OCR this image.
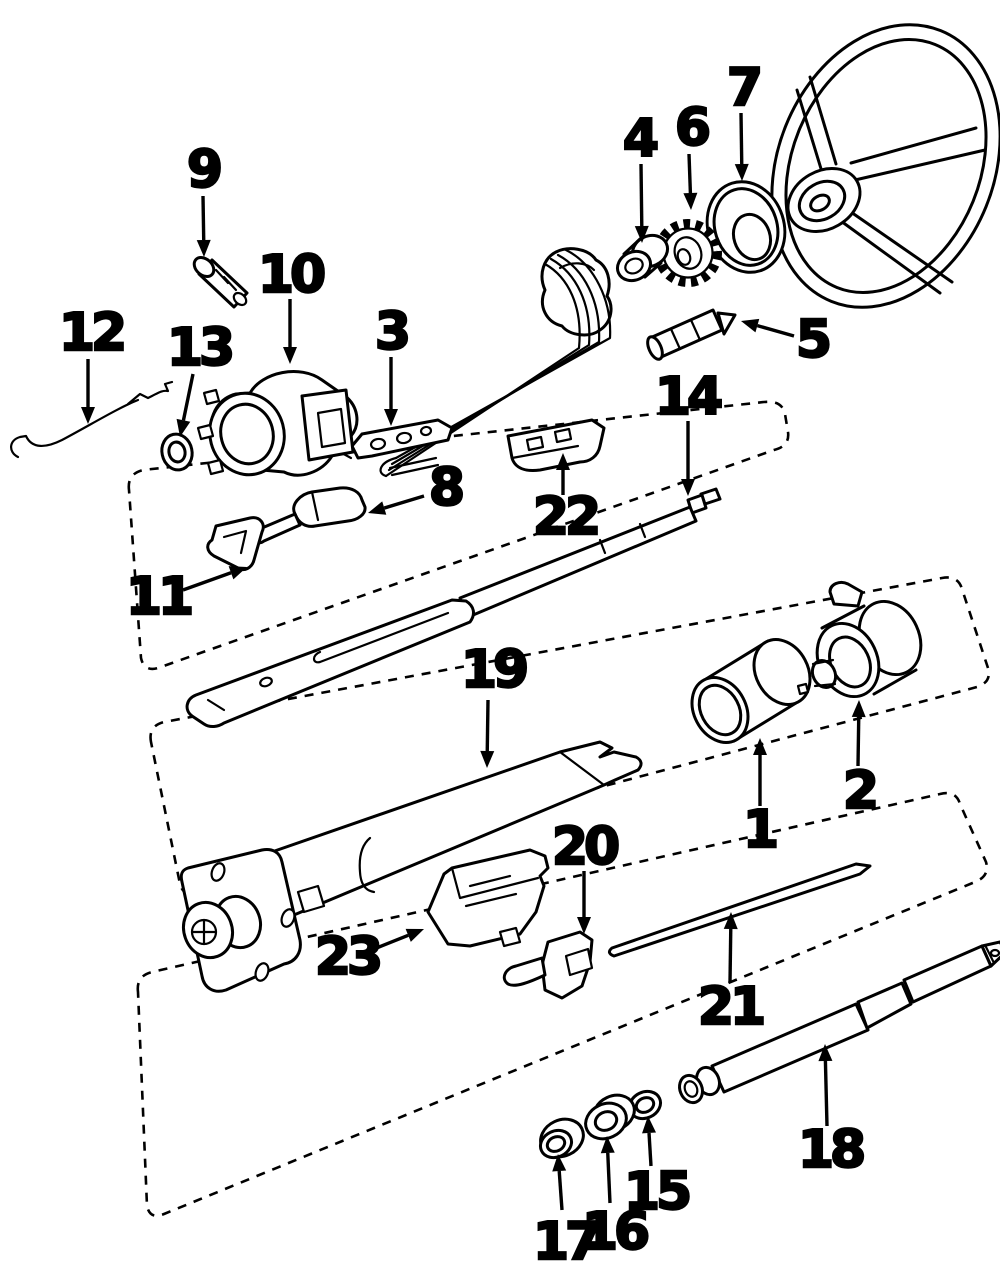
1
2
3
4
5
6
7
8
9
10
11
12 13
14
15
16
17
18
19
20
21
22
23
